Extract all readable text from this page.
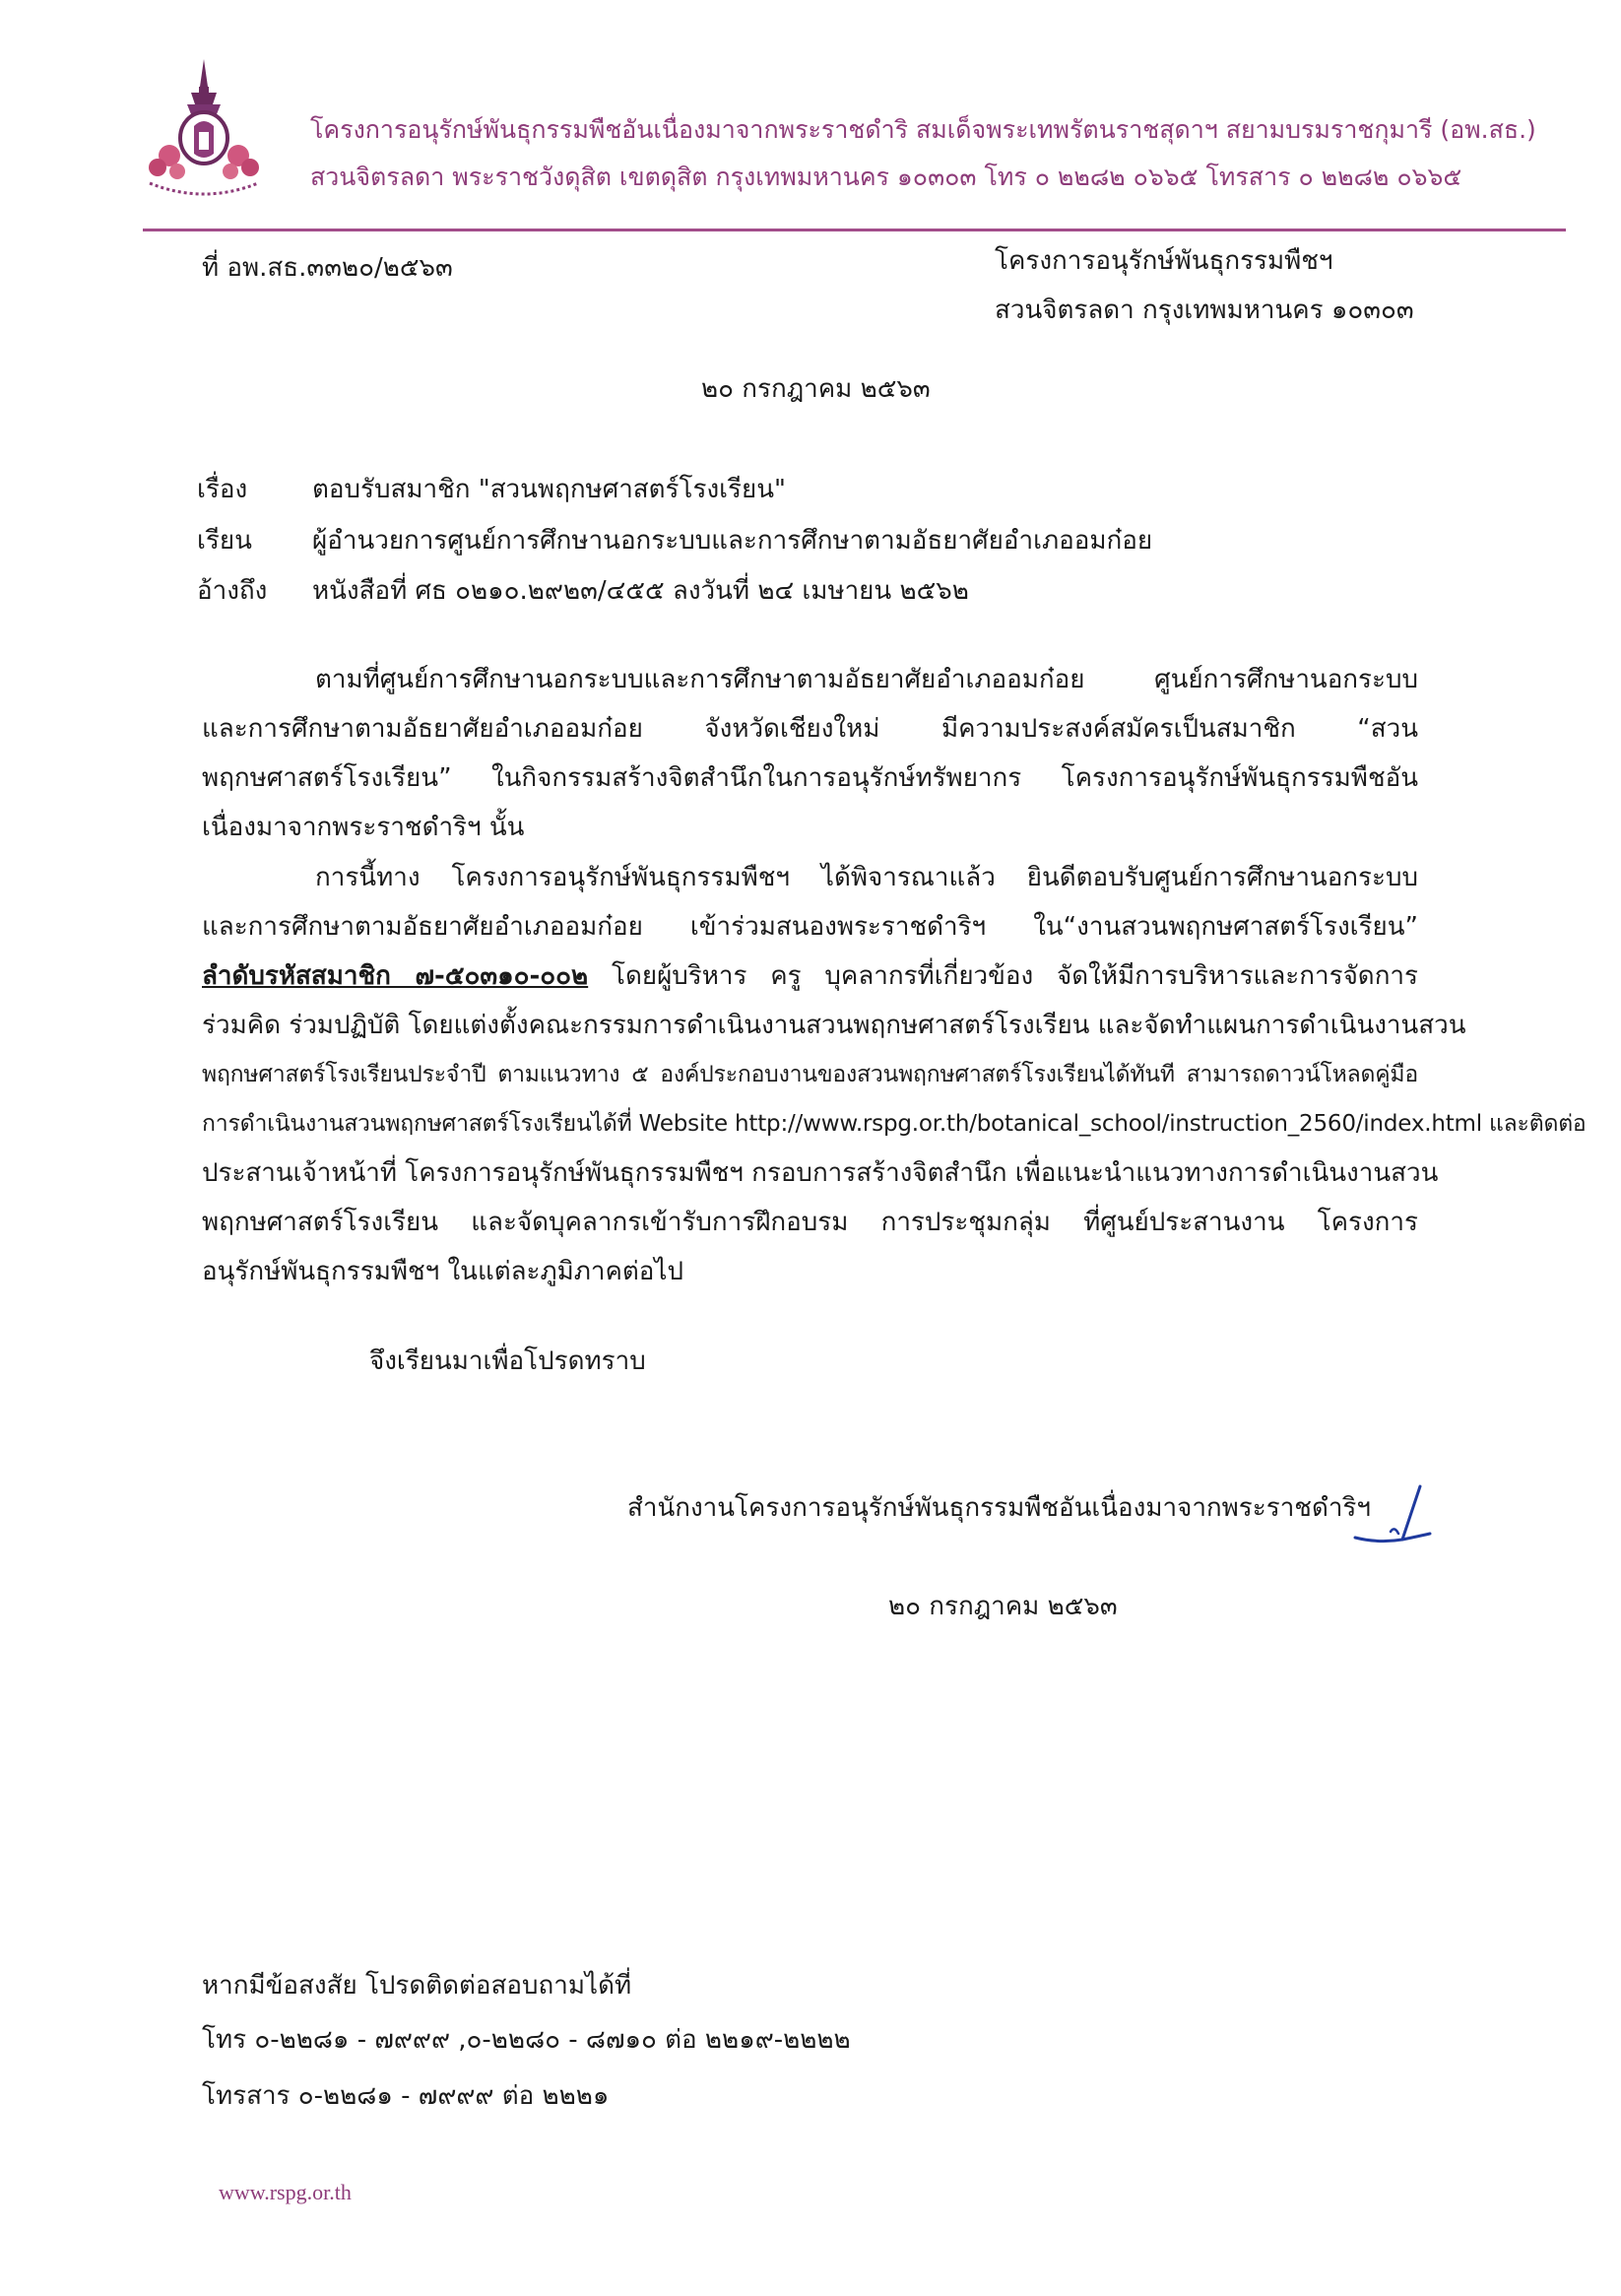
โครงการอนุรักษ์พันธุกรรมพืชอันเนื่องมาจากพระราชดำริ สมเด็จพระเทพรัตนราชสุดาฯ สยามบรมราชกุมารี (อพ.สธ.)
สวนจิตรลดา พระราชวังดุสิต เขตดุสิต กรุงเทพมหานคร ๑๐๓๐๓ โทร ๐ ๒๒๘๒ ๐๖๖๕ โทรสาร ๐ ๒๒๘๒ ๐๖๖๕
ที่ อพ.สธ.๓๓๒๐/๒๕๖๓	โครงการอนุรักษ์พันธุกรรมพืชฯ
สวนจิตรลดา กรุงเทพมหานคร ๑๐๓๐๓
๒๐ กรกฎาคม ๒๕๖๓
เรื่อง	ตอบรับสมาชิก "สวนพฤกษศาสตร์โรงเรียน"
เรียน ผู้อำนวยการศูนย์การศึกษานอกระบบและการศึกษาตามอัธยาศัยอำเภออมก๋อย
อ้างถึง หนังสือที่ ศธ ๐๒๑๐.๒๙๒๓/๔๕๕ ลงวันที่ ๒๔ เมษายน ๒๕๖๒
ตามที่ศูนย์การศึกษานอกระบบและการศึกษาตามอัธยาศัยอำเภออมก๋อย ศูนย์การศึกษานอกระบบ
และการศึกษาตามอัธยาศัยอำเภออมก๋อย จังหวัดเชียงใหม่ มีความประสงค์สมัครเป็นสมาชิก “สวน
พฤกษศาสตร์โรงเรียน” ในกิจกรรมสร้างจิตสำนึกในการอนุรักษ์ทรัพยากร โครงการอนุรักษ์พันธุกรรมพืชอัน
เนื่องมาจากพระราชดำริฯ นั้น
การนี้ทาง โครงการอนุรักษ์พันธุกรรมพืชฯ ได้พิจารณาแล้ว ยินดีตอบรับศูนย์การศึกษานอกระบบ
และการศึกษาตามอัธยาศัยอำเภออมก๋อย เข้าร่วมสนองพระราชดำริฯ ใน“งานสวนพฤกษศาสตร์โรงเรียน”
ลำดับรหัสสมาชิก ๗-๕๐๓๑๐-๐๐๒ โดยผู้บริหาร ครู บุคลากรที่เกี่ยวข้อง จัดให้มีการบริหารและการจัดการ
ร่วมคิด ร่วมปฏิบัติ โดยแต่งตั้งคณะกรรมการดำเนินงานสวนพฤกษศาสตร์โรงเรียน และจัดทำแผนการดำเนินงานสวน
พฤกษศาสตร์โรงเรียนประจำปี ตามแนวทาง ๕ องค์ประกอบงานของสวนพฤกษศาสตร์โรงเรียนได้ทันที สามารถดาวน์โหลดคู่มือ
การดำเนินงานสวนพฤกษศาสตร์โรงเรียนได้ที่ Website http://www.rspg.or.th/botanical_school/instruction_2560/index.html และติดต่อ
ประสานเจ้าหน้าที่ โครงการอนุรักษ์พันธุกรรมพืชฯ กรอบการสร้างจิตสำนึก เพื่อแนะนำแนวทางการดำเนินงานสวน
พฤกษศาสตร์โรงเรียน และจัดบุคลากรเข้ารับการฝึกอบรม การประชุมกลุ่ม ที่ศูนย์ประสานงาน โครงการ
อนุรักษ์พันธุกรรมพืชฯ ในแต่ละภูมิภาคต่อไป
จึงเรียนมาเพื่อโปรดทราบ
สำนักงานโครงการอนุรักษ์พันธุกรรมพืชอันเนื่องมาจากพระราชดำริฯ
๒๐ กรกฎาคม ๒๕๖๓
หากมีข้อสงสัย โปรดติดต่อสอบถามได้ที่
โทร ๐-๒๒๘๑ - ๗๙๙๙ ,๐-๒๒๘๐ - ๘๗๑๐ ต่อ ๒๒๑๙-๒๒๒๒
โทรสาร ๐-๒๒๘๑ - ๗๙๙๙ ต่อ ๒๒๒๑
www.rspg.or.th
